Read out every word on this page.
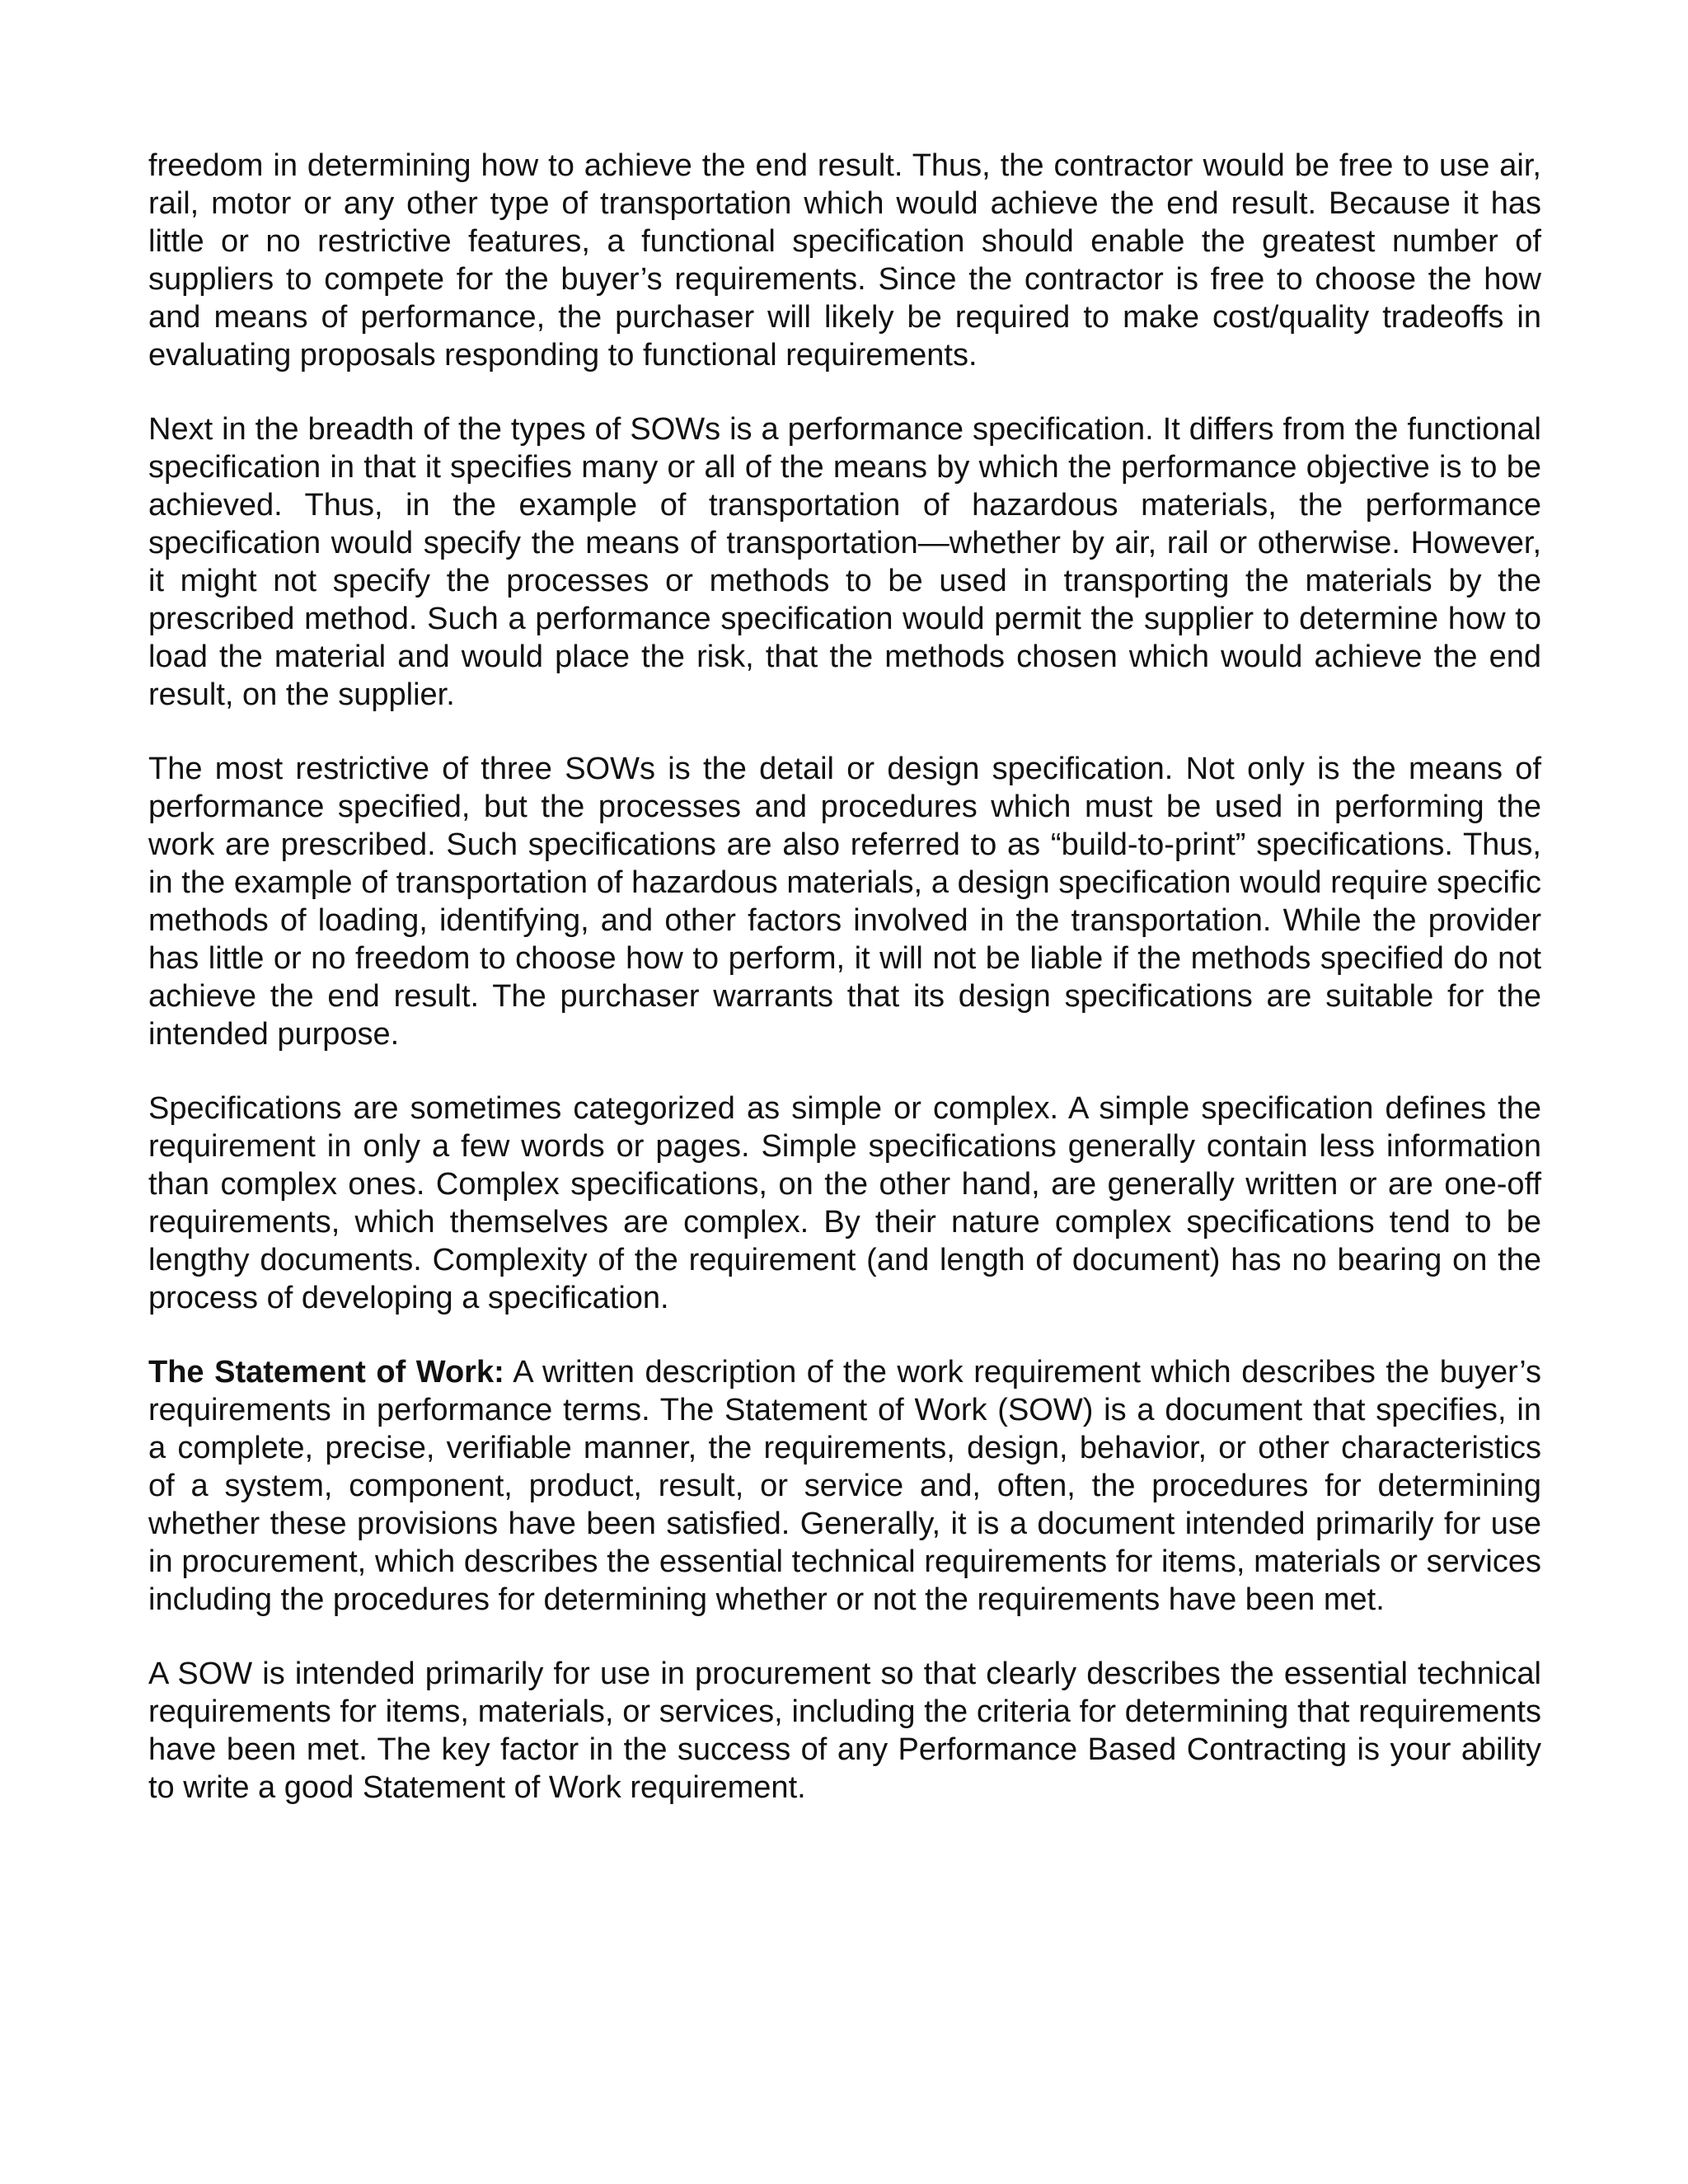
freedom in determining how to achieve the end result. Thus, the contractor would be free to use air, rail, motor or any other type of transportation which would achieve the end result. Because it has little or no restrictive features, a functional specification should enable the greatest number of suppliers to compete for the buyer’s requirements. Since the contractor is free to choose the how and means of performance, the purchaser will likely be required to make cost/quality tradeoffs in evaluating proposals responding to functional requirements.

Next in the breadth of the types of SOWs is a performance specification. It differs from the functional specification in that it specifies many or all of the means by which the performance objective is to be achieved. Thus, in the example of transportation of hazardous materials, the performance specification would specify the means of transportation—whether by air, rail or otherwise. However, it might not specify the processes or methods to be used in transporting the materials by the prescribed method. Such a performance specification would permit the supplier to determine how to load the material and would place the risk, that the methods chosen which would achieve the end result, on the supplier.

The most restrictive of three SOWs is the detail or design specification. Not only is the means of performance specified, but the processes and procedures which must be used in performing the work are prescribed. Such specifications are also referred to as “build-to-print” specifications. Thus, in the example of transportation of hazardous materials, a design specification would require specific methods of loading, identifying, and other factors involved in the transportation. While the provider has little or no freedom to choose how to perform, it will not be liable if the methods specified do not achieve the end result. The purchaser warrants that its design specifications are suitable for the intended purpose.

Specifications are sometimes categorized as simple or complex. A simple specification defines the requirement in only a few words or pages. Simple specifications generally contain less information than complex ones. Complex specifications, on the other hand, are generally written or are one-off requirements, which themselves are complex. By their nature complex specifications tend to be lengthy documents. Complexity of the requirement (and length of document) has no bearing on the process of developing a specification.

The Statement of Work: A written description of the work requirement which describes the buyer’s requirements in performance terms. The Statement of Work (SOW) is a document that specifies, in a complete, precise, verifiable manner, the requirements, design, behavior, or other characteristics of a system, component, product, result, or service and, often, the procedures for determining whether these provisions have been satisfied. Generally, it is a document intended primarily for use in procurement, which describes the essential technical requirements for items, materials or services including the procedures for determining whether or not the requirements have been met.

A SOW is intended primarily for use in procurement so that clearly describes the essential technical requirements for items, materials, or services, including the criteria for determining that requirements have been met. The key factor in the success of any Performance Based Contracting is your ability to write a good Statement of Work requirement.
